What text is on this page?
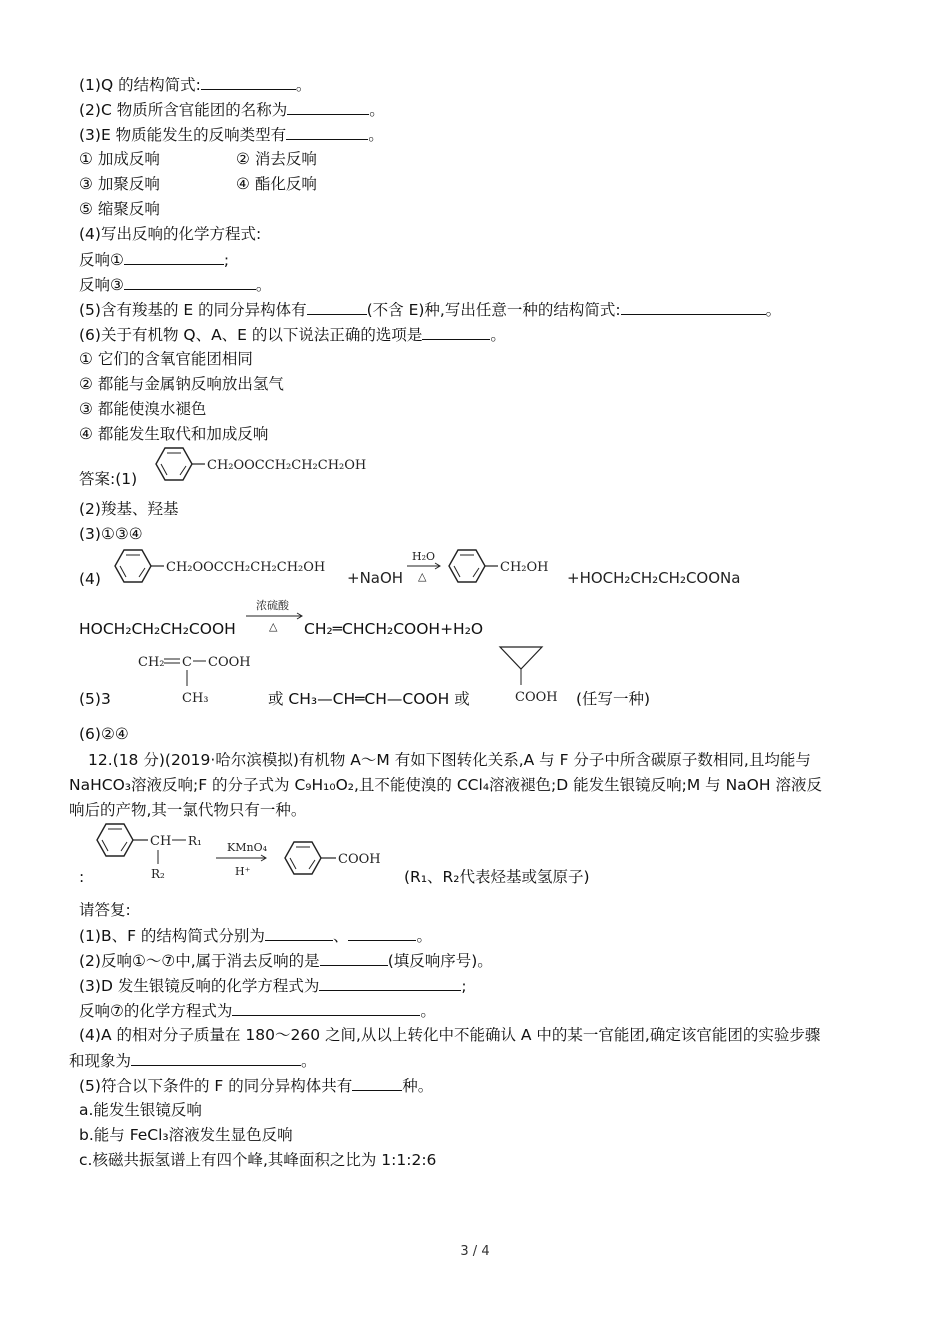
(1)Q 的结构简式:	。
(2)C 物质所含官能团的名称为	。
(3)E 物质能发生的反响类型有	。
① 加成反响	② 消去反响
③ 加聚反响	④ 酯化反响
⑤ 缩聚反响
(4)写出反响的化学方程式:
反响①	;
反响③	。
(5)含有羧基的 E 的同分异构体有	(不含 E)种,写出任意一种的结构简式:	。
(6)关于有机物 Q、A、E 的以下说法正确的选项是	。
① 它们的含氧官能团相同
② 都能与金属钠反响放出氢气
③ 都能使溴水褪色
④ 都能发生取代和加成反响
答案:(1)
CH₂OOCCH₂CH₂CH₂OH
(2)羧基、羟基
(3)①③④
(4)
CH₂OOCCH₂CH₂CH₂OH
+NaOH
H₂O
△
CH₂OH
+HOCH₂CH₂CH₂COONa
HOCH₂CH₂CH₂COOH
浓硫酸
△ CH₂═CHCH₂COOH+H₂O
(5)3
CH₂ C COOH
CH₃	或 CH₃—CH═CH—COOH 或	COOH (任写一种)
(6)②④
12.(18 分)(2019·哈尔滨模拟)有机物 A～M 有如下图转化关系,A 与 F 分子中所含碳原子数相同,且均能与
NaHCO₃溶液反响;F 的分子式为 C₉H₁₀O₂,且不能使溴的 CCl₄溶液褪色;D 能发生银镜反响;M 与 NaOH 溶液反
响后的产物,其一氯代物只有一种。
:
CH R₁
R₂
KMnO₄
H⁺
COOH
(R₁、R₂代表烃基或氢原子)
请答复:
(1)B、F 的结构简式分别为	、	。
(2)反响①～⑦中,属于消去反响的是	(填反响序号)。
(3)D 发生银镜反响的化学方程式为	;
反响⑦的化学方程式为	。
(4)A 的相对分子质量在 180～260 之间,从以上转化中不能确认 A 中的某一官能团,确定该官能团的实验步骤
和现象为	。
(5)符合以下条件的 F 的同分异构体共有	种。
a.能发生银镜反响
b.能与 FeCl₃溶液发生显色反响
c.核磁共振氢谱上有四个峰,其峰面积之比为 1:1:2:6
3 / 4
